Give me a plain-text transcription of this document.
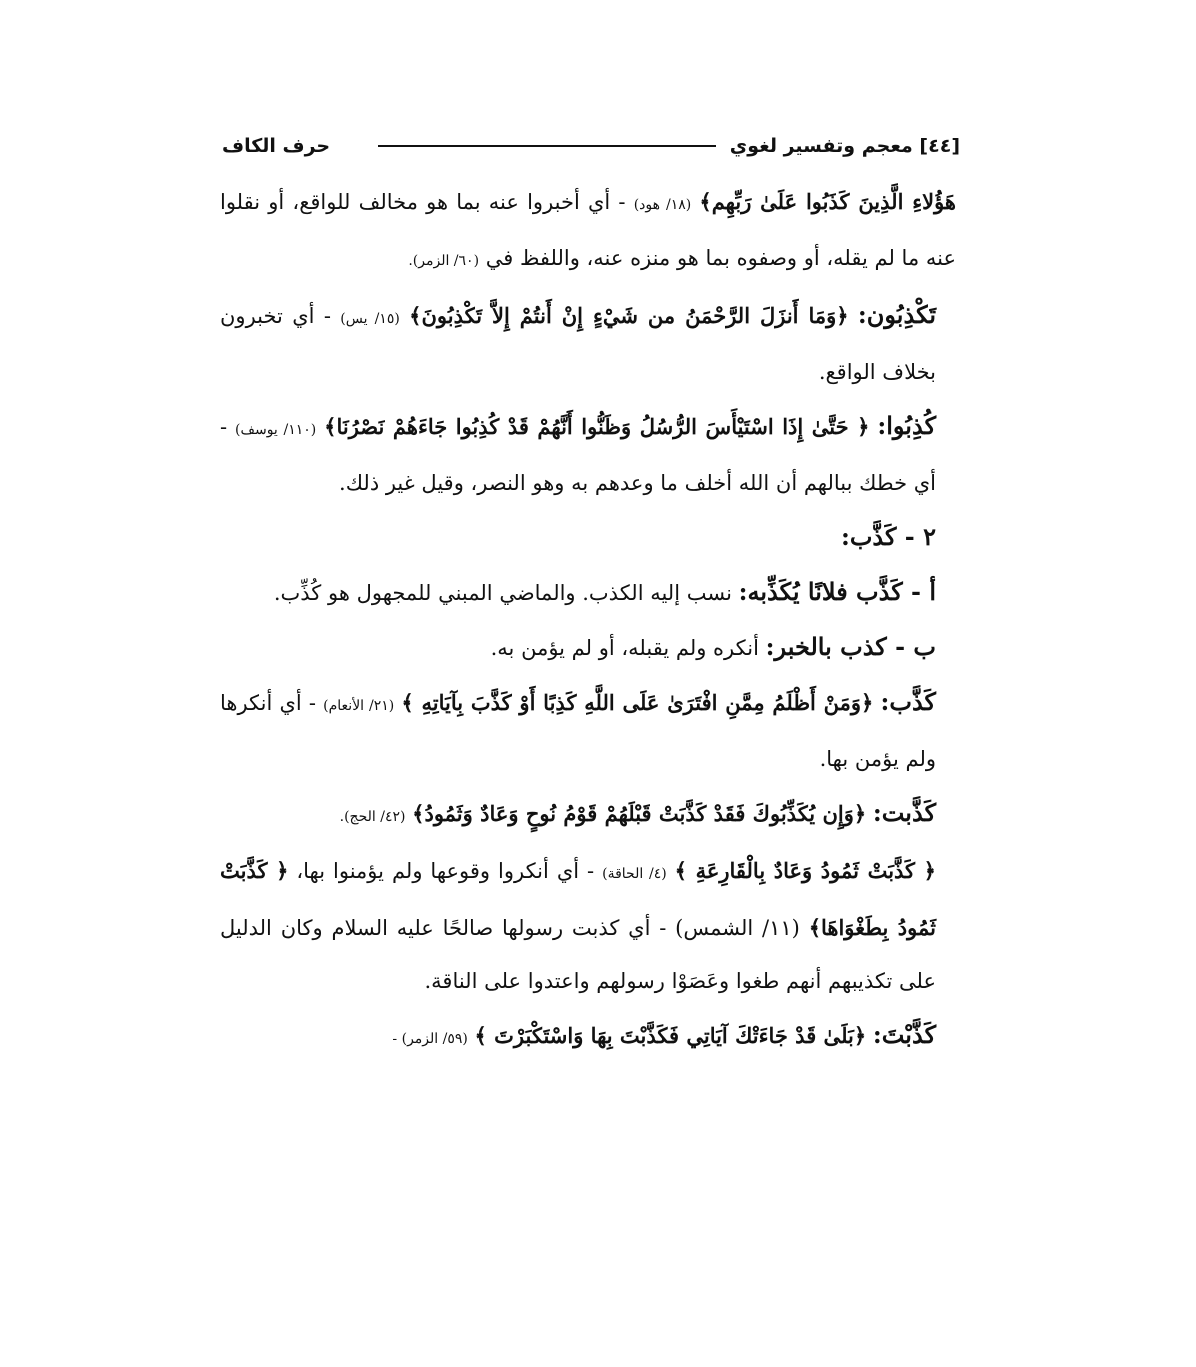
[٤٤] معجم وتفسير لغوي
حرف الكاف

هَؤُلاءِ الَّذِينَ كَذَبُوا عَلَىٰ رَبِّهِم﴾ (١٨/ هود) - أي أخبروا عنه بما هو مخالف للواقع، أو نقلوا عنه ما لم يقله، أو وصفوه بما هو منزه عنه، واللفظ في (٦٠/ الزمر).

تَكْذِبُون: ﴿وَمَا أَنزَلَ الرَّحْمَنُ من شَيْءٍ إِنْ أَنتُمْ إِلاَّ تَكْذِبُونَ﴾ (١٥/ يس) - أي تخبرون بخلاف الواقع.

كُذِبُوا: ﴿ حَتَّىٰ إِذَا اسْتَيْأَسَ الرُّسُلُ وَظَنُّوا أَنَّهُمْ قَدْ كُذِبُوا جَاءَهُمْ نَصْرُنَا﴾ (١١٠/ يوسف) - أي خطك ببالهم أن الله أخلف ما وعدهم به وهو النصر، وقيل غير ذلك.

٢ - كَذَّب:

أ - كَذَّب فلانًا يُكَذِّبه: نسب إليه الكذب. والماضي المبني للمجهول هو كُذِّب.

ب - كذب بالخبر: أنكره ولم يقبله، أو لم يؤمن به.

كَذَّب: ﴿وَمَنْ أَظْلَمُ مِمَّنِ افْتَرَىٰ عَلَى اللَّهِ كَذِبًا أَوْ كَذَّبَ بِآيَاتِهِ ﴾ (٢١/ الأنعام) - أي أنكرها ولم يؤمن بها.

كَذَّبت: ﴿وَإِن يُكَذِّبُوكَ فَقَدْ كَذَّبَتْ قَبْلَهُمْ قَوْمُ نُوحٍ وَعَادٌ وَثَمُودُ﴾ (٤٢/ الحج).

﴿ كَذَّبَتْ ثَمُودُ وَعَادٌ بِالْقَارِعَةِ ﴾ (٤/ الحاقة) - أي أنكروا وقوعها ولم يؤمنوا بها، ﴿ كَذَّبَتْ ثَمُودُ بِطَغْوَاهَا﴾ (١١/ الشمس) - أي كذبت رسولها صالحًا عليه السلام وكان الدليل على تكذيبهم أنهم طغوا وعَصَوْا رسولهم واعتدوا على الناقة.

كَذَّبْتَ: ﴿بَلَىٰ قَدْ جَاءَتْكَ آيَاتِي فَكَذَّبْتَ بِهَا وَاسْتَكْبَرْتَ ﴾ (٥٩/ الزمر) -
